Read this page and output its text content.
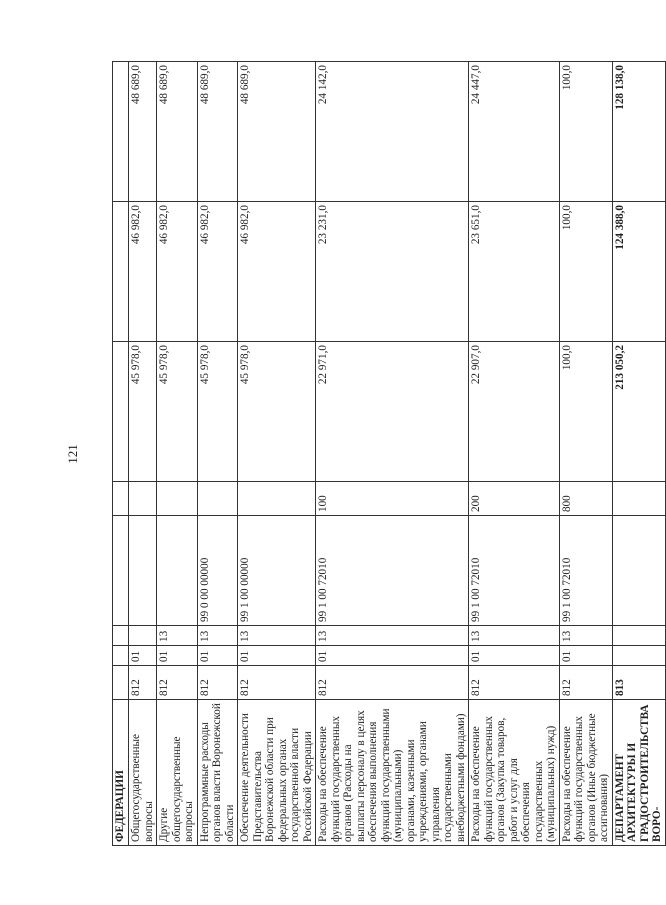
121
ФЕДЕРАЦИИ								
Общегосударственные вопросы	812	01				45 978,0	46 982,0	48 689,0
Другие общегосударственные вопросы	812	01	13			45 978,0	46 982,0	48 689,0
Непрограммные расходы органов власти Воронежской области	812	01	13	99 0 00 00000		45 978,0	46 982,0	48 689,0
Обеспечение деятельности Представительства Воронежской области при федеральных органах государственной власти Российской Федерации	812	01	13	99 1 00 00000		45 978,0	46 982,0	48 689,0
Расходы на обеспечение функций государственных органов (Расходы на выплаты персоналу в целях обеспечения выполнения функций государственными (муниципальными) органами, казенными учреждениями, органами управления государственными внебюджетными фондами)	812	01	13	99 1 00 72010	100	22 971,0	23 231,0	24 142,0
Расходы на обеспечение функций государственных органов (Закупка товаров, работ и услуг для обеспечения государственных (муниципальных) нужд)	812	01	13	99 1 00 72010	200	22 907,0	23 651,0	24 447,0
Расходы на обеспечение функций государственных органов (Иные бюджетные ассигнования)	812	01	13	99 1 00 72010	800	100,0	100,0	100,0
ДЕПАРТАМЕНТ АРХИТЕКТУРЫ И ГРАДОСТРОИТЕЛЬСТВА ВОРО-	813					213 050,2	124 388,0	128 138,0
